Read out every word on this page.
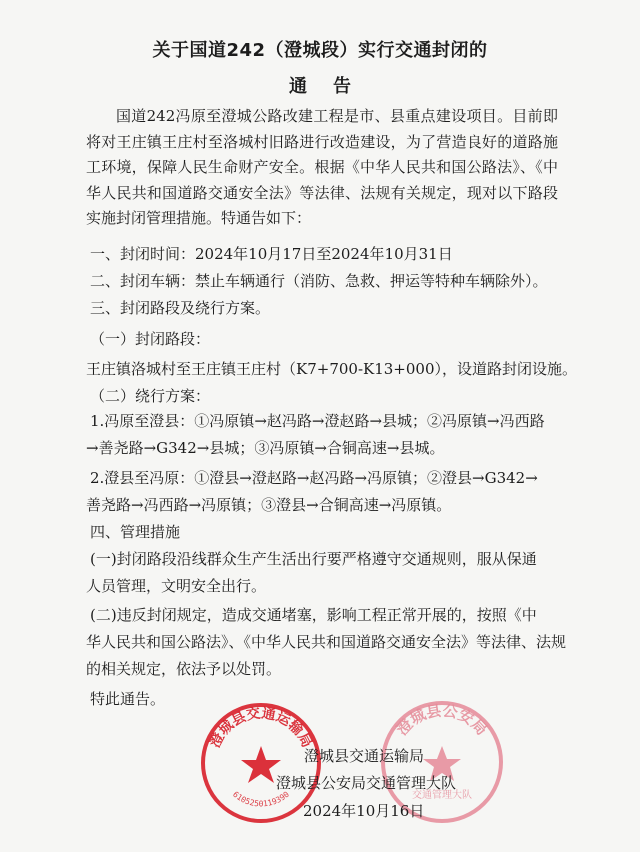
关于国道242（澄城段）实行交通封闭的
通告

国道242冯原至澄城公路改建工程是市、县重点建设项目。目前即将对王庄镇王庄村至洛城村旧路进行改造建设，为了营造良好的道路施工环境，保障人民生命财产安全。根据《中华人民共和国公路法》、《中华人民共和国道路交通安全法》等法律、法规有关规定，现对以下路段实施封闭管理措施。特通告如下：

一、封闭时间：2024年10月17日至2024年10月31日
二、封闭车辆：禁止车辆通行（消防、急救、押运等特种车辆除外）。
三、封闭路段及绕行方案。
（一）封闭路段：
王庄镇洛城村至王庄镇王庄村（K7+700-K13+000），设道路封闭设施。
（二）绕行方案：
1.冯原至澄县：①冯原镇→赵冯路→澄赵路→县城；②冯原镇→冯西路
→善尧路→G342→县城；③冯原镇→合铜高速→县城。
2.澄县至冯原：①澄县→澄赵路→赵冯路→冯原镇；②澄县→G342→
善尧路→冯西路→冯原镇；③澄县→合铜高速→冯原镇。
四、管理措施
(一)封闭路段沿线群众生产生活出行要严格遵守交通规则，服从保通
人员管理，文明安全出行。
(二)违反封闭规定，造成交通堵塞，影响工程正常开展的，按照《中
华人民共和国公路法》、《中华人民共和国道路交通安全法》等法律、法规
的相关规定，依法予以处罚。
特此通告。
澄城县交通运输局
6105250119390
澄城县公安局
交通管理大队
澄城县交通运输局
澄城县公安局交通管理大队
2024年10月16日
